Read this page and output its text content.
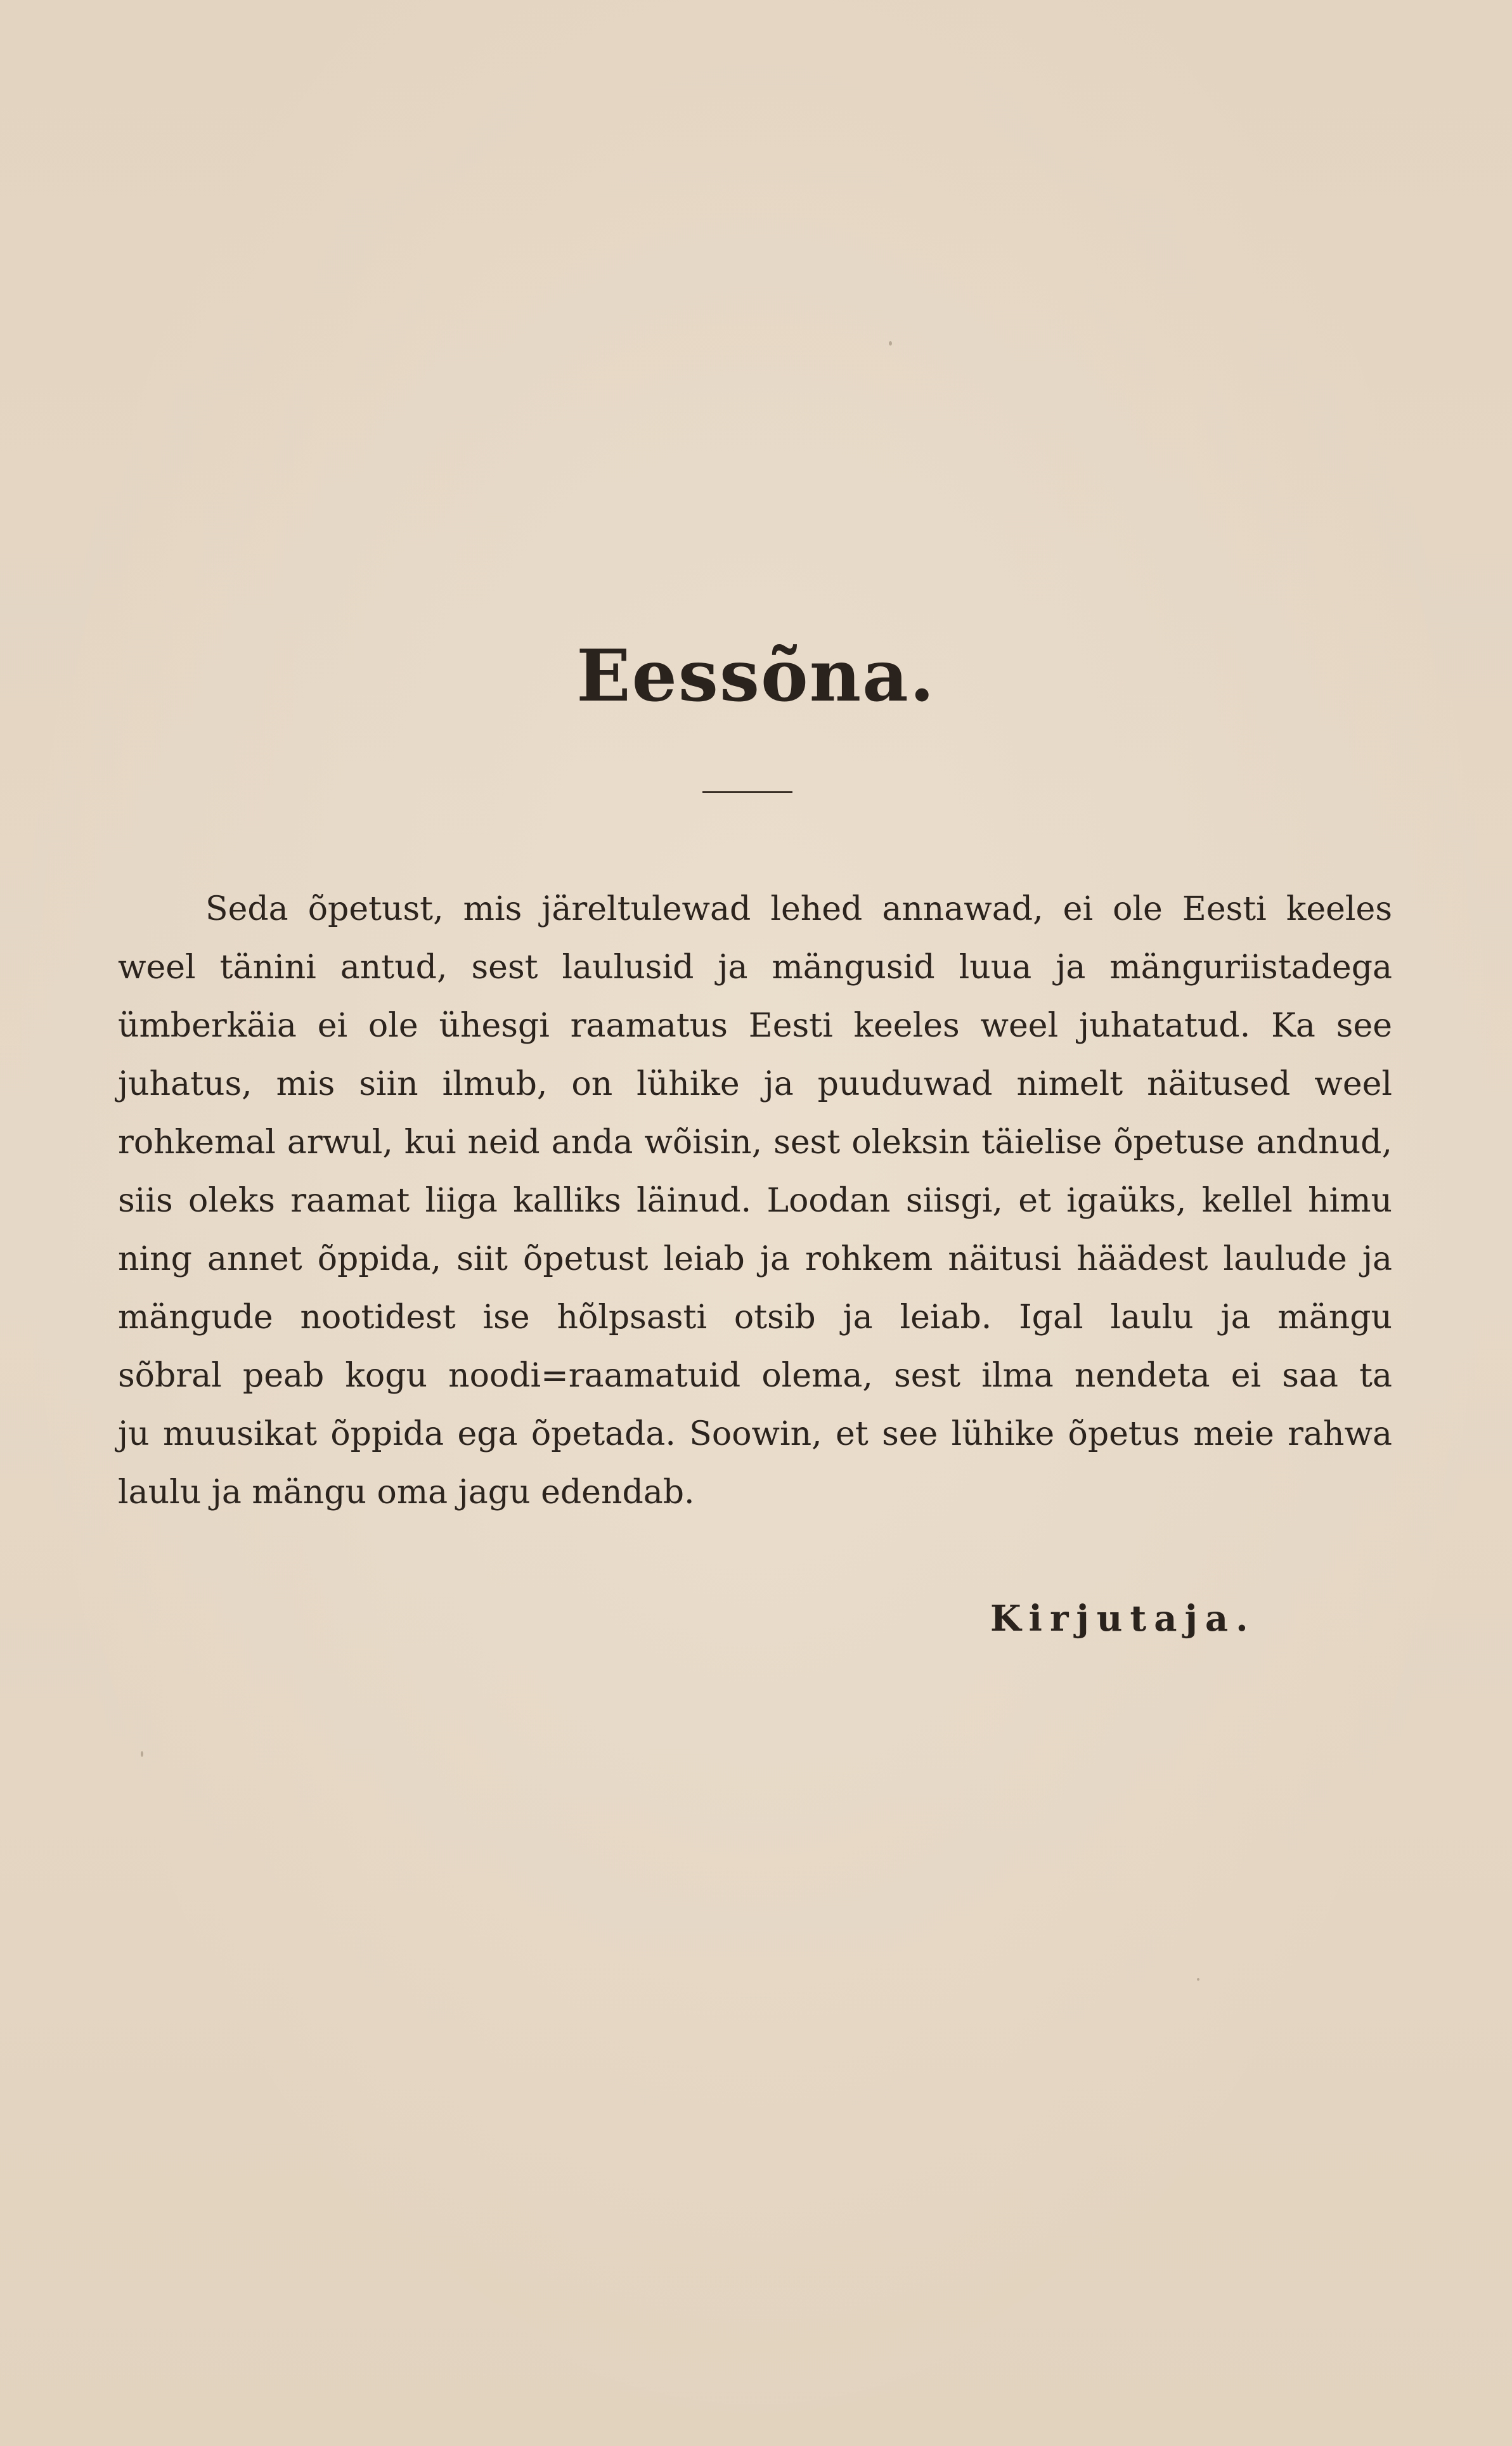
Eessõna.
Seda õpetust, mis järeltulewad lehed annawad, ei ole Eesti keeles
weel tänini antud, sest laulusid ja mängusid luua ja mänguriistadega
ümberkäia ei ole ühesgi raamatus Eesti keeles weel juhatatud. Ka see
juhatus, mis siin ilmub, on lühike ja puuduwad nimelt näitused weel
rohkemal arwul, kui neid anda wõisin, sest oleksin täielise õpetuse andnud,
siis oleks raamat liiga kalliks läinud. Loodan siisgi, et igaüks, kellel himu
ning annet õppida, siit õpetust leiab ja rohkem näitusi häädest laulude ja
mängude nootidest ise hõlpsasti otsib ja leiab. Igal laulu ja mängu
sõbral peab kogu noodi=raamatuid olema, sest ilma nendeta ei saa ta
ju muusikat õppida ega õpetada. Soowin, et see lühike õpetus meie rahwa
laulu ja mängu oma jagu edendab.
Kirjutaja.
